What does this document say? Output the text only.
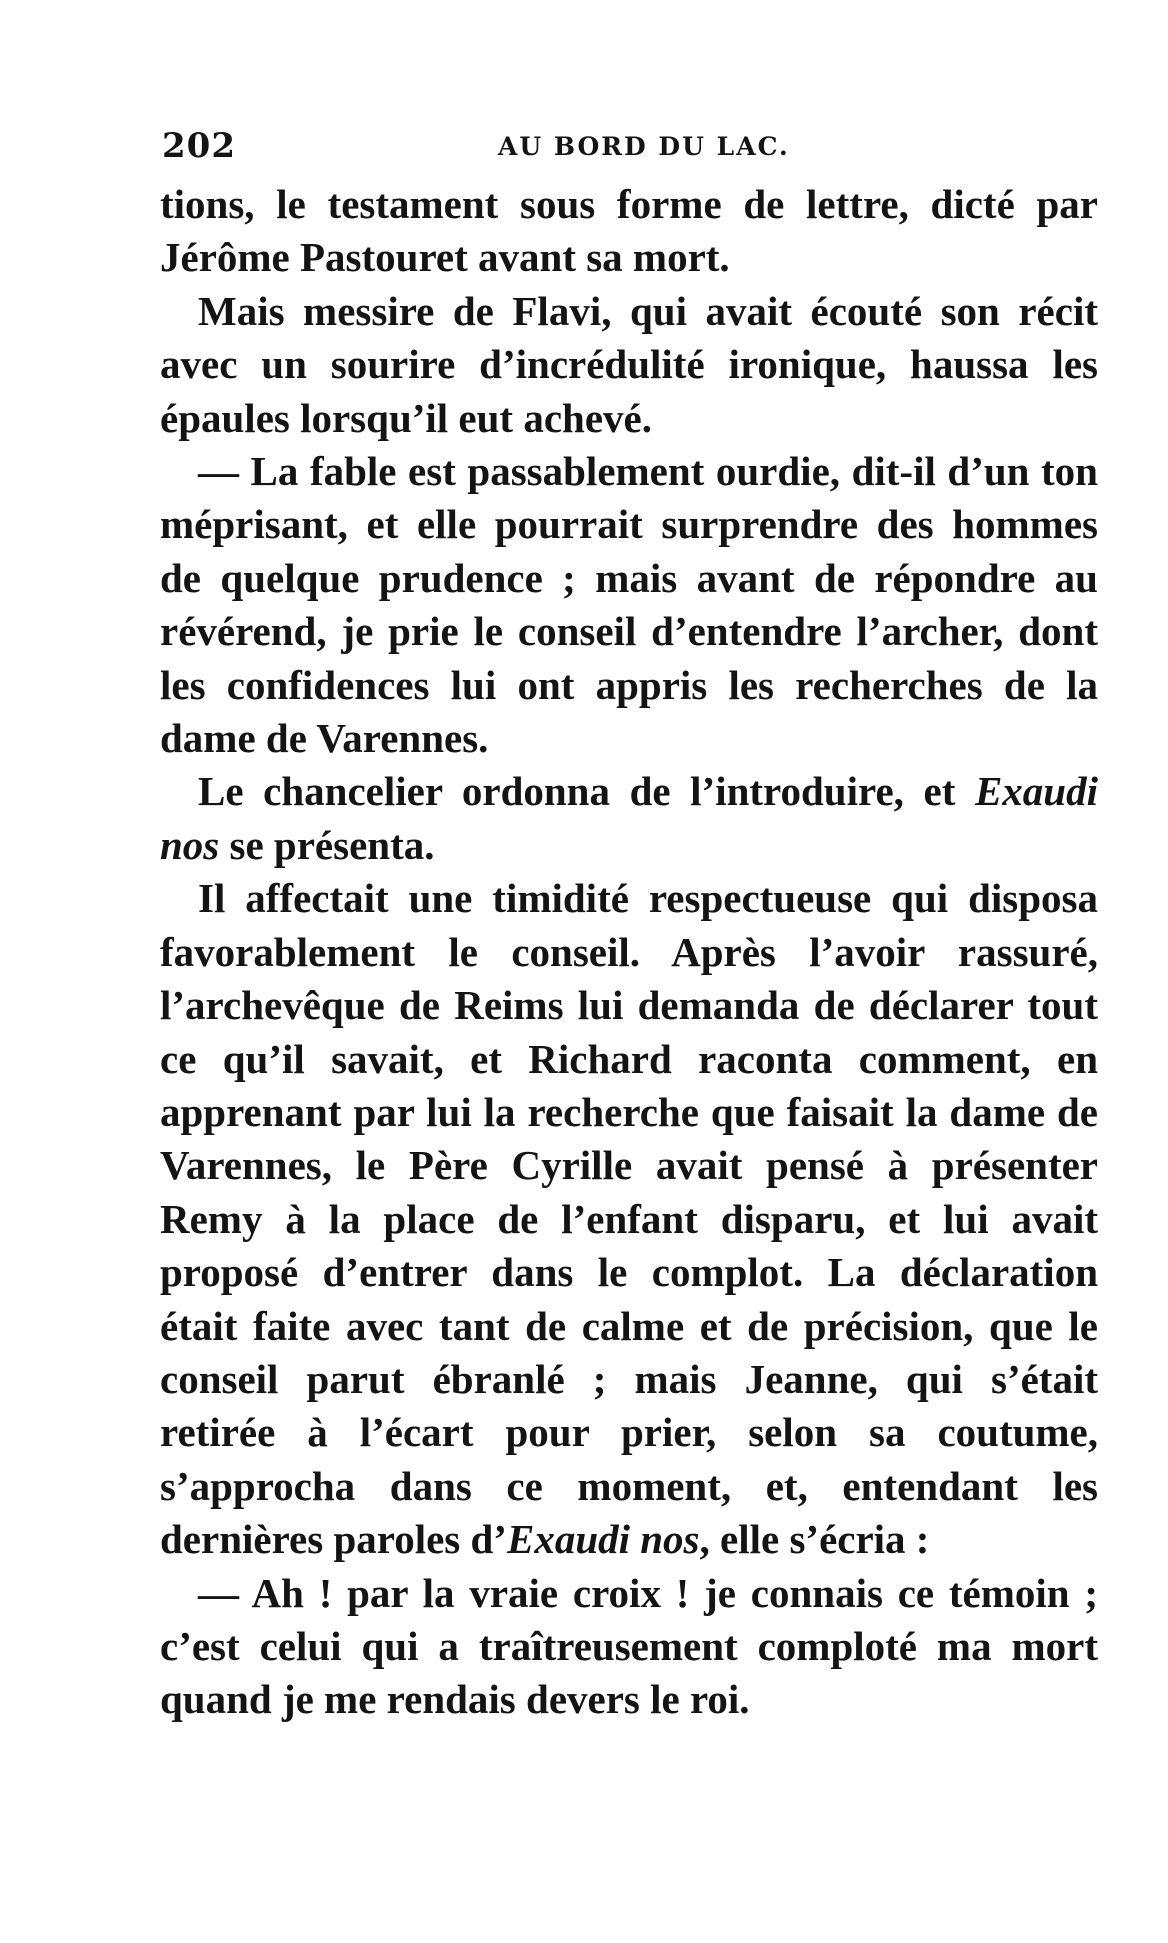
202	AU BORD DU LAC.

tions, le testament sous forme de lettre, dicté par Jérôme Pastouret avant sa mort.

Mais messire de Flavi, qui avait écouté son récit avec un sourire d’incrédulité ironique, haussa les épaules lorsqu’il eut achevé.

— La fable est passablement ourdie, dit-il d’un ton méprisant, et elle pourrait surprendre des hommes de quelque prudence ; mais avant de répondre au révérend, je prie le conseil d’entendre l’archer, dont les confidences lui ont appris les recherches de la dame de Varennes.

Le chancelier ordonna de l’introduire, et Exaudi nos se présenta.

Il affectait une timidité respectueuse qui disposa favorablement le conseil. Après l’avoir rassuré, l’archevêque de Reims lui demanda de déclarer tout ce qu’il savait, et Richard raconta comment, en apprenant par lui la recherche que faisait la dame de Varennes, le Père Cyrille avait pensé à présenter Remy à la place de l’enfant disparu, et lui avait proposé d’entrer dans le complot. La déclaration était faite avec tant de calme et de précision, que le conseil parut ébranlé ; mais Jeanne, qui s’était retirée à l’écart pour prier, selon sa coutume, s’approcha dans ce moment, et, entendant les dernières paroles d’Exaudi nos, elle s’écria :

— Ah ! par la vraie croix ! je connais ce témoin ; c’est celui qui a traîtreusement comploté ma mort quand je me rendais devers le roi.
